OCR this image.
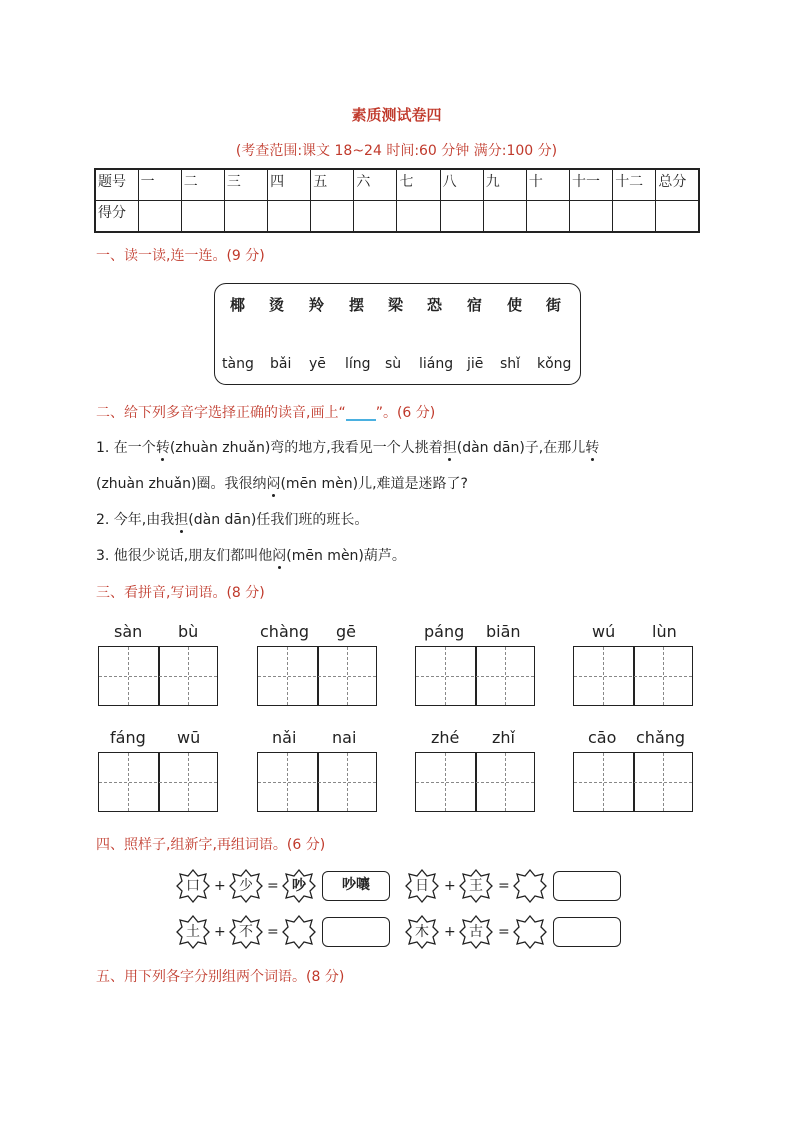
素质测试卷四
(考查范围:课文 18~24 时间:60 分钟 满分:100 分)
题号	一	二	三	四	五	六	七	八	九	十	十一	十二	总分
得分													
一、读一读,连一连。(9 分)
椰 烫 羚 摆 梁 恐 宿 使 街
tàng bǎi yē líng sù liáng jiē shǐ kǒng
二、给下列多音字选择正确的读音,画上“ ”。(6 分)
1. 在一个转(zhuàn zhuǎn)弯的地方,我看见一个人挑着担(dàn dān)子,在那儿转
(zhuàn zhuǎn)圈。我很纳闷(mēn mèn)儿,难道是迷路了?
2. 今年,由我担(dàn dān)任我们班的班长。
3. 他很少说话,朋友们都叫他闷(mēn mèn)葫芦。
三、看拼音,写词语。(8 分)
sàn bù	chàng gē	páng biān	wú lùn
fáng wū	nǎi nai	zhé zhǐ	cāo chǎng
四、照样子,组新字,再组词语。(6 分)
口	+ 少	= 吵	吵嚷	日	+ 王	=
土	+ 不	=	木	+ 古	=
五、用下列各字分别组两个词语。(8 分)
